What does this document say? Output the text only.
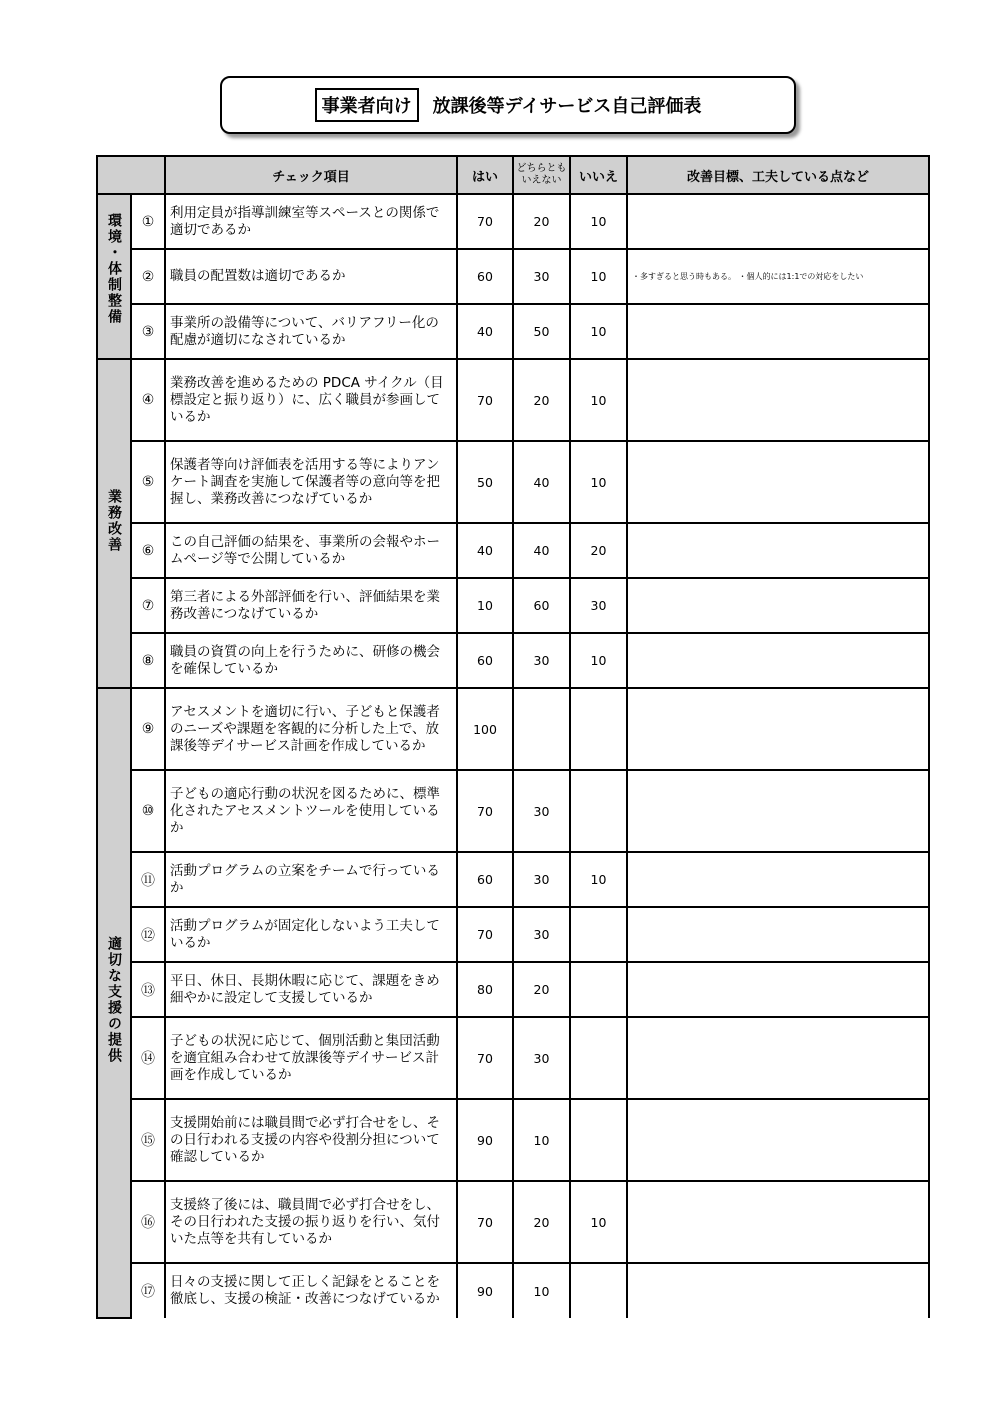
事業者向け	放課後等デイサービス自己評価表
		チェック項目	はい	どちらともいえない	いいえ	改善目標、工夫している点など
環境・体制整備	①	利用定員が指導訓練室等スペースとの関係で適切であるか	70	20	10	
	②	職員の配置数は適切であるか	60	30	10	・多すぎると思う時もある。 ・個人的には1:1での対応をしたい
	③	事業所の設備等について、バリアフリー化の配慮が適切になされているか	40	50	10	
業務改善	④	業務改善を進めるための PDCA サイクル（目標設定と振り返り）に、広く職員が参画しているか	70	20	10	
	⑤	保護者等向け評価表を活用する等によりアンケート調査を実施して保護者等の意向等を把握し、業務改善につなげているか	50	40	10	
	⑥	この自己評価の結果を、事業所の会報やホームページ等で公開しているか	40	40	20	
	⑦	第三者による外部評価を行い、評価結果を業務改善につなげているか	10	60	30	
	⑧	職員の資質の向上を行うために、研修の機会を確保しているか	60	30	10	
適切な支援の提供	⑨	アセスメントを適切に行い、子どもと保護者のニーズや課題を客観的に分析した上で、放課後等デイサービス計画を作成しているか	100			
	⑩	子どもの適応行動の状況を図るために、標準化されたアセスメントツールを使用しているか	70	30		
	⑪	活動プログラムの立案をチームで行っているか	60	30	10	
	⑫	活動プログラムが固定化しないよう工夫しているか	70	30		
	⑬	平日、休日、長期休暇に応じて、課題をきめ細やかに設定して支援しているか	80	20		
	⑭	子どもの状況に応じて、個別活動と集団活動を適宜組み合わせて放課後等デイサービス計画を作成しているか	70	30		
	⑮	支援開始前には職員間で必ず打合せをし、その日行われる支援の内容や役割分担について確認しているか	90	10		
	⑯	支援終了後には、職員間で必ず打合せをし、その日行われた支援の振り返りを行い、気付いた点等を共有しているか	70	20	10	
	⑰	日々の支援に関して正しく記録をとることを徹底し、支援の検証・改善につなげているか	90	10		
